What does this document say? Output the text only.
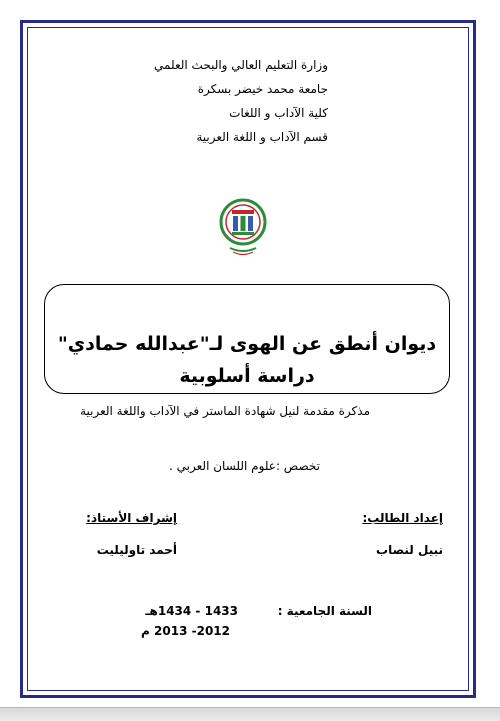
وزارة التعليم العالي والبحث العلمي
جامعة محمد خيضر بسكرة
كلية الآداب و اللغات
قسم الآداب و اللغة العربية
ديوان أنطق عن الهوى لـ"عبدالله حمادي"
دراسة أسلوبية
مذكرة مقدمة لنيل شهادة الماستر في الآداب واللغة العربية
تخصص :علوم اللسان العربي .
إعداد الطالب:
نبيل لنصاب
إشراف الأستاذ:
أحمد تاوليليت
السنة الجامعية :
1433 - 1434هـ
2012- 2013 م
